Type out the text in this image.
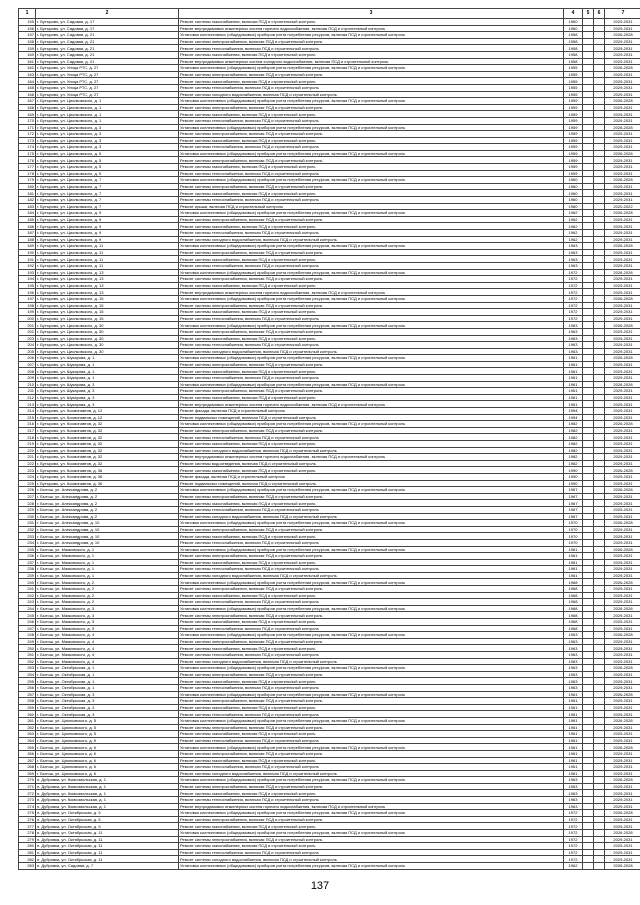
1	2	3	4	5	6	7
155	г. Бутырово, ул. Садовая, д. 17	Ремонт системы газоснабжения, включая ПСД и строительный контроль	1960			2029-2031
156	г. Бутырово, ул. Садовая, д. 17	Ремонт внутридомовых инженерных систем горячего водоснабжения, включая ПСД и строительный контроль	1960			2029-2031
157	г. Бутырово, ул. Садовая, д. 21	Установка коллективных (общедомовых) приборов учета потребления ресурсов, включая ПСД и строительный контроль	1958			2026-2028
158	г. Бутырово, ул. Садовая, д. 21	Ремонт системы электроснабжения, включая ПСД и строительный контроль	1958			2029-2031
159	г. Бутырово, ул. Садовая, д. 21	Ремонт системы теплоснабжения, включая ПСД и строительный контроль	1958			2029-2031
160	г. Бутырово, ул. Садовая, д. 21	Ремонт системы газоснабжения, включая ПСД и строительный контроль	1958			2029-2031
161	г. Бутырово, ул. Садовая, д. 21	Ремонт внутридомовых инженерных систем холодного водоснабжения, включая ПСД и строительный контроль	1958			2029-2031
162	г. Бутырово, ул. Улица РТС, д. 27	Установка коллективных (общедомовых) приборов учета потребления ресурсов, включая ПСД и строительный контроль	1955			2026-2028
163	г. Бутырово, ул. Улица РТС, д. 27	Ремонт системы электроснабжения, включая ПСД и строительный контроль	1955			2029-2031
164	г. Бутырово, ул. Улица РТС, д. 27	Ремонт системы газоснабжения, включая ПСД и строительный контроль	1955			2029-2031
165	г. Бутырово, ул. Улица РТС, д. 27	Ремонт системы теплоснабжения, включая ПСД и строительный контроль	1955			2029-2031
166	г. Бутырово, ул. Улица РТС, д. 27	Ремонт системы холодного водоснабжения, включая ПСД и строительный контроль	1955			2029-2031
167	г. Бутырово, ул. Циолковского, д. 1	Установка коллективных (общедомовых) приборов учета потребления ресурсов, включая ПСД и строительный контроль	1959			2026-2028
168	г. Бутырово, ул. Циолковского, д. 1	Ремонт системы электроснабжения, включая ПСД и строительный контроль	1959			2029-2031
169	г. Бутырово, ул. Циолковского, д. 1	Ремонт системы газоснабжения, включая ПСД и строительный контроль	1959			2029-2031
170	г. Бутырово, ул. Циолковского, д. 1	Ремонт системы теплоснабжения, включая ПСД и строительный контроль	1959			2029-2031
171	г. Бутырово, ул. Циолковского, д. 3	Установка коллективных (общедомовых) приборов учета потребления ресурсов, включая ПСД и строительный контроль	1959			2026-2028
172	г. Бутырово, ул. Циолковского, д. 3	Ремонт системы электроснабжения, включая ПСД и строительный контроль	1959			2029-2031
173	г. Бутырово, ул. Циолковского, д. 3	Ремонт системы газоснабжения, включая ПСД и строительный контроль	1959			2029-2031
174	г. Бутырово, ул. Циолковского, д. 3	Ремонт системы теплоснабжения, включая ПСД и строительный контроль	1959			2029-2031
175	г. Бутырово, ул. Циолковского, д. 5	Установка коллективных (общедомовых) приборов учета потребления ресурсов, включая ПСД и строительный контроль	1959			2026-2028
176	г. Бутырово, ул. Циолковского, д. 5	Ремонт системы электроснабжения, включая ПСД и строительный контроль	1959			2029-2031
177	г. Бутырово, ул. Циолковского, д. 5	Ремонт системы газоснабжения, включая ПСД и строительный контроль	1959			2029-2031
178	г. Бутырово, ул. Циолковского, д. 5	Ремонт системы теплоснабжения, включая ПСД и строительный контроль	1959			2029-2031
179	г. Бутырово, ул. Циолковского, д. 7	Установка коллективных (общедомовых) приборов учета потребления ресурсов, включая ПСД и строительный контроль	1960			2026-2028
180	г. Бутырово, ул. Циолковского, д. 7	Ремонт системы электроснабжения, включая ПСД и строительный контроль	1960			2029-2031
181	г. Бутырово, ул. Циолковского, д. 7	Ремонт системы газоснабжения, включая ПСД и строительный контроль	1960			2029-2031
182	г. Бутырово, ул. Циолковского, д. 7	Ремонт системы теплоснабжения, включая ПСД и строительный контроль	1960			2029-2031
183	г. Бутырово, ул. Циолковского, д. 7	Ремонт крыши, включая ПСД и строительный контроль	1960			2020-2022
184	г. Бутырово, ул. Циолковского, д. 9	Установка коллективных (общедомовых) приборов учета потребления ресурсов, включая ПСД и строительный контроль	1962			2026-2028
185	г. Бутырово, ул. Циолковского, д. 9	Ремонт системы электроснабжения, включая ПСД и строительный контроль	1962			2029-2031
186	г. Бутырово, ул. Циолковского, д. 9	Ремонт системы газоснабжения, включая ПСД и строительный контроль	1962			2029-2031
187	г. Бутырово, ул. Циолковского, д. 9	Ремонт системы теплоснабжения, включая ПСД и строительный контроль	1962			2029-2031
188	г. Бутырово, ул. Циолковского, д. 9	Ремонт системы холодного водоснабжения, включая ПСД и строительный контроль	1962			2029-2031
189	г. Бутырово, ул. Циолковского, д. 11	Установка коллективных (общедомовых) приборов учета потребления ресурсов, включая ПСД и строительный контроль	1963			2026-2028
190	г. Бутырово, ул. Циолковского, д. 11	Ремонт системы электроснабжения, включая ПСД и строительный контроль	1963			2029-2031
191	г. Бутырово, ул. Циолковского, д. 11	Ремонт системы газоснабжения, включая ПСД и строительный контроль	1963			2029-2031
192	г. Бутырово, ул. Циолковского, д. 11	Ремонт системы теплоснабжения, включая ПСД и строительный контроль	1963			2029-2031
193	г. Бутырово, ул. Циолковского, д. 13	Установка коллективных (общедомовых) приборов учета потребления ресурсов, включая ПСД и строительный контроль	1972			2026-2028
194	г. Бутырово, ул. Циолковского, д. 13	Ремонт системы электроснабжения, включая ПСД и строительный контроль	1972			2029-2031
195	г. Бутырово, ул. Циолковского, д. 13	Ремонт системы газоснабжения, включая ПСД и строительный контроль	1972			2029-2031
196	г. Бутырово, ул. Циолковского, д. 13	Ремонт внутридомовых инженерных систем горячего водоснабжения, включая ПСД и строительный контроль	1972			2029-2031
197	г. Бутырово, ул. Циолковского, д. 15	Установка коллективных (общедомовых) приборов учета потребления ресурсов, включая ПСД и строительный контроль	1972			2026-2028
198	г. Бутырово, ул. Циолковского, д. 15	Ремонт системы электроснабжения, включая ПСД и строительный контроль	1972			2029-2031
199	г. Бутырово, ул. Циолковского, д. 15	Ремонт системы газоснабжения, включая ПСД и строительный контроль	1972			2029-2031
200	г. Бутырово, ул. Циолковского, д. 15	Ремонт системы теплоснабжения, включая ПСД и строительный контроль	1972			2029-2031
201	г. Бутырово, ул. Циолковского, д. 30	Установка коллективных (общедомовых) приборов учета потребления ресурсов, включая ПСД и строительный контроль	1963			2026-2028
202	г. Бутырово, ул. Циолковского, д. 30	Ремонт системы электроснабжения, включая ПСД и строительный контроль	1963			2029-2031
203	г. Бутырово, ул. Циолковского, д. 30	Ремонт системы газоснабжения, включая ПСД и строительный контроль	1963			2029-2031
204	г. Бутырово, ул. Циолковского, д. 30	Ремонт системы теплоснабжения, включая ПСД и строительный контроль	1963			2029-2031
205	г. Бутырово, ул. Циолковского, д. 30	Ремонт системы холодного водоснабжения, включая ПСД и строительный контроль	1963			2029-2031
206	г. Бутырово, ул. Шукарова, д. 1	Установка коллективных (общедомовых) приборов учета потребления ресурсов, включая ПСД и строительный контроль	1961			2026-2028
207	г. Бутырово, ул. Шукарова, д. 1	Ремонт системы электроснабжения, включая ПСД и строительный контроль	1961			2029-2031
208	г. Бутырово, ул. Шукарова, д. 1	Ремонт системы газоснабжения, включая ПСД и строительный контроль	1961			2029-2031
209	г. Бутырово, ул. Шукарова, д. 1	Ремонт системы теплоснабжения, включая ПСД и строительный контроль	1961			2029-2031
210	г. Бутырово, ул. Шукарова, д. 3	Установка коллективных (общедомовых) приборов учета потребления ресурсов, включая ПСД и строительный контроль	1961			2026-2028
211	г. Бутырово, ул. Шукарова, д. 3	Ремонт системы электроснабжения, включая ПСД и строительный контроль	1961			2029-2031
212	г. Бутырово, ул. Шукарова, д. 3	Ремонт системы газоснабжения, включая ПСД и строительный контроль	1961			2029-2031
213	г. Бутырово, ул. Шукарова, д. 3	Ремонт внутридомовых инженерных систем горячего водоснабжения, включая ПСД и строительный контроль	1961			2029-2031
214	г. Бутырово, ул. Космонавтов, д. 12	Ремонт фасада, включая ПСД и строительный контроль	1994			2029-2031
215	г. Бутырово, ул. Космонавтов, д. 12	Ремонт подвальных помещений, включая ПСД и строительный контроль	1994			2029-2031
216	г. Бутырово, ул. Космонавтов, д. 32	Установка коллективных (общедомовых) приборов учета потребления ресурсов, включая ПСД и строительный контроль	1982			2026-2028
217	г. Бутырово, ул. Космонавтов, д. 32	Ремонт системы электроснабжения, включая ПСД и строительный контроль	1982			2029-2031
218	г. Бутырово, ул. Космонавтов, д. 32	Ремонт системы теплоснабжения, включая ПСД и строительный контроль	1982			2029-2031
219	г. Бутырово, ул. Космонавтов, д. 32	Ремонт системы газоснабжения, включая ПСД и строительный контроль	1982			2029-2031
220	г. Бутырово, ул. Космонавтов, д. 32	Ремонт системы холодного водоснабжения, включая ПСД и строительный контроль	1982			2029-2031
221	г. Бутырово, ул. Космонавтов, д. 32	Ремонт внутридомовых инженерных систем горячего водоснабжения, включая ПСД и строительный контроль	1982			2029-2031
222	г. Бутырово, ул. Космонавтов, д. 32	Ремонт системы водоотведения, включая ПСД и строительный контроль	1982			2029-2031
223	г. Бутырово, ул. Космонавтов, д. 36	Ремонт системы газоснабжения, включая ПСД и строительный контроль	1990			2026-2028
224	г. Бутырово, ул. Космонавтов, д. 36	Ремонт фасада, включая ПСД и строительный контроль	1990			2029-2031
225	г. Бутырово, ул. Космонавтов, д. 36	Ремонт подвальных помещений, включая ПСД и строительный контроль	1990			2029-2031
226	г. Бытош, ул. Александрова, д. 2	Установка коллективных (общедомовых) приборов учета потребления ресурсов, включая ПСД и строительный контроль	1967			2026-2028
227	г. Бытош, ул. Александрова, д. 2	Ремонт системы электроснабжения, включая ПСД и строительный контроль	1967			2029-2031
228	г. Бытош, ул. Александрова, д. 2	Ремонт системы газоснабжения, включая ПСД и строительный контроль	1967			2029-2031
229	г. Бытош, ул. Александрова, д. 2	Ремонт системы теплоснабжения, включая ПСД и строительный контроль	1967			2029-2031
230	г. Бытош, ул. Александрова, д. 2	Ремонт системы холодного водоснабжения, включая ПСД и строительный контроль	1967			2029-2031
231	г. Бытош, ул. Александрова, д. 10	Установка коллективных (общедомовых) приборов учета потребления ресурсов, включая ПСД и строительный контроль	1970			2026-2028
232	г. Бытош, ул. Александрова, д. 10	Ремонт системы электроснабжения, включая ПСД и строительный контроль	1970			2029-2031
233	г. Бытош, ул. Александрова, д. 10	Ремонт системы газоснабжения, включая ПСД и строительный контроль	1970			2029-2031
234	г. Бытош, ул. Александрова, д. 10	Ремонт системы теплоснабжения, включая ПСД и строительный контроль	1970			2029-2031
235	г. Бытош, ул. Маяковского, д. 1	Установка коллективных (общедомовых) приборов учета потребления ресурсов, включая ПСД и строительный контроль	1961			2026-2028
236	г. Бытош, ул. Маяковского, д. 1	Ремонт системы электроснабжения, включая ПСД и строительный контроль	1961			2029-2031
237	г. Бытош, ул. Маяковского, д. 1	Ремонт системы газоснабжения, включая ПСД и строительный контроль	1961			2029-2031
238	г. Бытош, ул. Маяковского, д. 1	Ремонт системы теплоснабжения, включая ПСД и строительный контроль	1961			2029-2031
239	г. Бытош, ул. Маяковского, д. 1	Ремонт системы холодного водоснабжения, включая ПСД и строительный контроль	1961			2029-2031
240	г. Бытош, ул. Маяковского, д. 2	Установка коллективных (общедомовых) приборов учета потребления ресурсов, включая ПСД и строительный контроль	1968			2026-2028
241	г. Бытош, ул. Маяковского, д. 2	Ремонт системы электроснабжения, включая ПСД и строительный контроль	1968			2029-2031
242	г. Бытош, ул. Маяковского, д. 2	Ремонт системы газоснабжения, включая ПСД и строительный контроль	1968			2029-2031
243	г. Бытош, ул. Маяковского, д. 2	Ремонт системы теплоснабжения, включая ПСД и строительный контроль	1968			2029-2031
244	г. Бытош, ул. Маяковского, д. 3	Установка коллективных (общедомовых) приборов учета потребления ресурсов, включая ПСД и строительный контроль	1968			2026-2028
245	г. Бытош, ул. Маяковского, д. 3	Ремонт системы электроснабжения, включая ПСД и строительный контроль	1968			2029-2031
246	г. Бытош, ул. Маяковского, д. 3	Ремонт системы газоснабжения, включая ПСД и строительный контроль	1968			2029-2031
247	г. Бытош, ул. Маяковского, д. 3	Ремонт системы теплоснабжения, включая ПСД и строительный контроль	1968			2029-2031
248	г. Бытош, ул. Маяковского, д. 4	Установка коллективных (общедомовых) приборов учета потребления ресурсов, включая ПСД и строительный контроль	1963			2026-2028
249	г. Бытош, ул. Маяковского, д. 4	Ремонт системы электроснабжения, включая ПСД и строительный контроль	1963			2029-2031
250	г. Бытош, ул. Маяковского, д. 4	Ремонт системы газоснабжения, включая ПСД и строительный контроль	1963			2029-2031
251	г. Бытош, ул. Маяковского, д. 4	Ремонт системы теплоснабжения, включая ПСД и строительный контроль	1963			2029-2031
252	г. Бытош, ул. Маяковского, д. 4	Ремонт системы холодного водоснабжения, включая ПСД и строительный контроль	1963			2029-2031
253	г. Бытош, ул. Октябрьская, д. 1	Установка коллективных (общедомовых) приборов учета потребления ресурсов, включая ПСД и строительный контроль	1963			2026-2028
254	г. Бытош, ул. Октябрьская, д. 1	Ремонт системы электроснабжения, включая ПСД и строительный контроль	1963			2029-2031
255	г. Бытош, ул. Октябрьская, д. 1	Ремонт системы газоснабжения, включая ПСД и строительный контроль	1963			2029-2031
256	г. Бытош, ул. Октябрьская, д. 1	Ремонт системы теплоснабжения, включая ПСД и строительный контроль	1963			2029-2031
257	г. Бытош, ул. Октябрьская, д. 3	Установка коллективных (общедомовых) приборов учета потребления ресурсов, включая ПСД и строительный контроль	1961			2026-2028
258	г. Бытош, ул. Октябрьская, д. 3	Ремонт системы электроснабжения, включая ПСД и строительный контроль	1961			2029-2031
259	г. Бытош, ул. Октябрьская, д. 3	Ремонт системы газоснабжения, включая ПСД и строительный контроль	1961			2029-2031
260	г. Бытош, ул. Октябрьская, д. 3	Ремонт системы теплоснабжения, включая ПСД и строительный контроль	1961			2029-2031
261	г. Бытош, ул. Циолковского, д. 5	Установка коллективных (общедомовых) приборов учета потребления ресурсов, включая ПСД и строительный контроль	1961			2026-2028
262	г. Бытош, ул. Циолковского, д. 5	Ремонт системы электроснабжения, включая ПСД и строительный контроль	1961			2029-2031
263	г. Бытош, ул. Циолковского, д. 5	Ремонт системы газоснабжения, включая ПСД и строительный контроль	1961			2029-2031
264	г. Бытош, ул. Циолковского, д. 5	Ремонт системы теплоснабжения, включая ПСД и строительный контроль	1961			2029-2031
265	г. Бытош, ул. Циолковского, д. 6	Установка коллективных (общедомовых) приборов учета потребления ресурсов, включая ПСД и строительный контроль	1961			2026-2028
266	г. Бытош, ул. Циолковского, д. 6	Ремонт системы электроснабжения, включая ПСД и строительный контроль	1961			2029-2031
267	г. Бытош, ул. Циолковского, д. 6	Ремонт системы газоснабжения, включая ПСД и строительный контроль	1961			2029-2031
268	г. Бытош, ул. Циолковского, д. 6	Ремонт системы теплоснабжения, включая ПСД и строительный контроль	1961			2029-2031
269	г. Бытош, ул. Циолковского, д. 6	Ремонт системы холодного водоснабжения, включая ПСД и строительный контроль	1961			2029-2031
270	п. Дубровка, ул. Комсомольская, д. 1	Установка коллективных (общедомовых) приборов учета потребления ресурсов, включая ПСД и строительный контроль	1963			2026-2028
271	п. Дубровка, ул. Комсомольская, д. 1	Ремонт системы электроснабжения, включая ПСД и строительный контроль	1963			2029-2031
272	п. Дубровка, ул. Комсомольская, д. 1	Ремонт системы газоснабжения, включая ПСД и строительный контроль	1963			2029-2031
273	п. Дубровка, ул. Комсомольская, д. 1	Ремонт системы теплоснабжения, включая ПСД и строительный контроль	1963			2029-2031
274	п. Дубровка, ул. Комсомольская, д. 1	Ремонт внутридомовых инженерных систем горячего водоснабжения, включая ПСД и строительный контроль	1963			2029-2031
275	п. Дубровка, ул. Октябрьская, д. 5	Установка коллективных (общедомовых) приборов учета потребления ресурсов, включая ПСД и строительный контроль	1972			2026-2028
276	п. Дубровка, ул. Октябрьская, д. 5	Ремонт системы электроснабжения, включая ПСД и строительный контроль	1972			2029-2031
277	п. Дубровка, ул. Октябрьская, д. 5	Ремонт системы газоснабжения, включая ПСД и строительный контроль	1972			2029-2031
278	п. Дубровка, ул. Октябрьская, д. 11	Установка коллективных (общедомовых) приборов учета потребления ресурсов, включая ПСД и строительный контроль	1972			2026-2028
279	п. Дубровка, ул. Октябрьская, д. 11	Ремонт системы электроснабжения, включая ПСД и строительный контроль	1972			2029-2031
280	п. Дубровка, ул. Октябрьская, д. 11	Ремонт системы газоснабжения, включая ПСД и строительный контроль	1972			2029-2031
281	п. Дубровка, ул. Октябрьская, д. 11	Ремонт системы теплоснабжения, включая ПСД и строительный контроль	1972			2029-2031
282	п. Дубровка, ул. Октябрьская, д. 11	Ремонт системы холодного водоснабжения, включая ПСД и строительный контроль	1972			2029-2031
283	п. Дубровка, ул. Садовая, д. 7	Установка коллективных (общедомовых) приборов учета потребления ресурсов, включая ПСД и строительный контроль	1962			2026-2028
137
